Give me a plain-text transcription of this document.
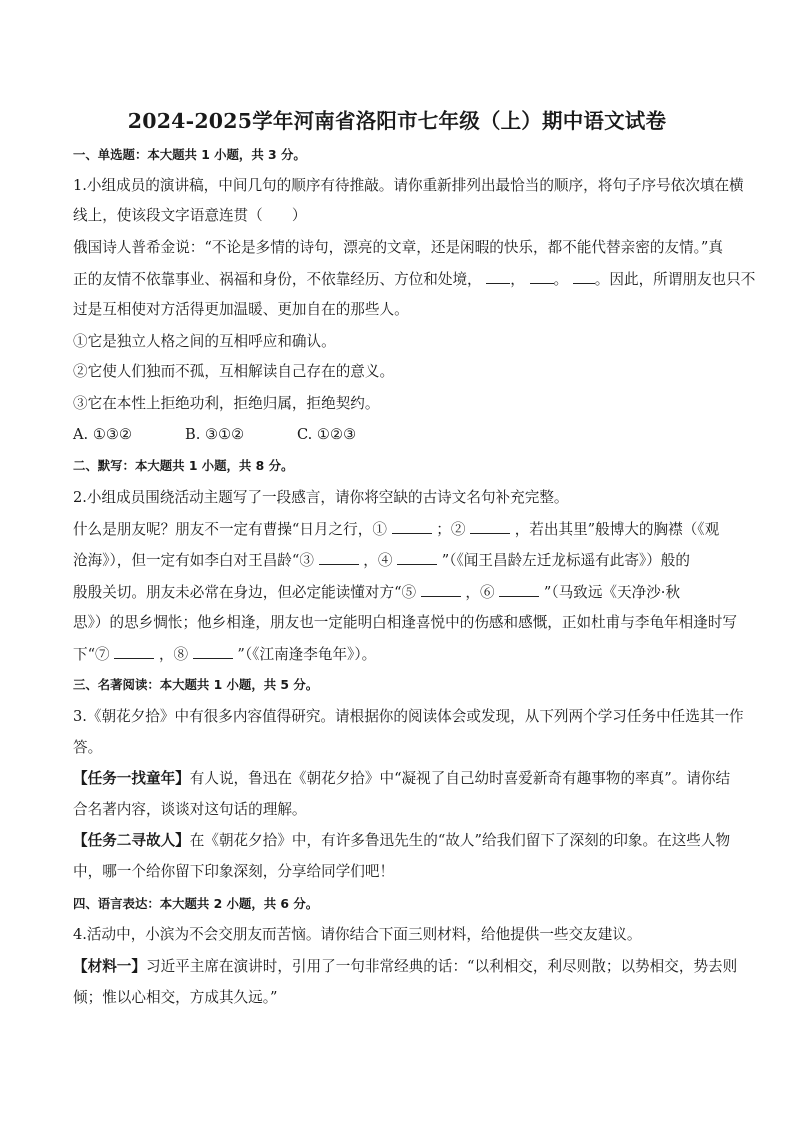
2024-2025学年河南省洛阳市七年级（上）期中语文试卷
一、单选题：本大题共 1 小题，共 3 分。
1.小组成员的演讲稿，中间几句的顺序有待推敲。请你重新排列出最恰当的顺序，将句子序号依次填在横
线上，使该段文字语意连贯（　　）
俄国诗人普希金说：“不论是多情的诗句，漂亮的文章，还是闲暇的快乐，都不能代替亲密的友情。”真
正的友情不依靠事业、祸福和身份，不依靠经历、方位和处境， ， 。 。因此，所谓朋友也只不
过是互相使对方活得更加温暖、更加自在的那些人。
①它是独立人格之间的互相呼应和确认。
②它使人们独而不孤，互相解读自己存在的意义。
③它在本性上拒绝功利，拒绝归属，拒绝契约。
A. ①③②	B. ③①②	C. ①②③
二、默写：本大题共 1 小题，共 8 分。
2.小组成员围绕活动主题写了一段感言，请你将空缺的古诗文名句补充完整。
什么是朋友呢？朋友不一定有曹操“日月之行，①	；②	，若出其里”般博大的胸襟（《观
沧海》），但一定有如李白对王昌龄“③	，④	”（《闻王昌龄左迁龙标遥有此寄》）般的
殷殷关切。朋友未必常在身边，但必定能读懂对方“⑤	，⑥	”（马致远《天净沙·秋
思》）的思乡惆怅；他乡相逢，朋友也一定能明白相逢喜悦中的伤感和感慨，正如杜甫与李龟年相逢时写
下“⑦	，⑧	”（《江南逢李龟年》）。
三、名著阅读：本大题共 1 小题，共 5 分。
3.《朝花夕拾》中有很多内容值得研究。请根据你的阅读体会或发现，从下列两个学习任务中任选其一作
答。
【任务一找童年】有人说，鲁迅在《朝花夕拾》中“凝视了自己幼时喜爱新奇有趣事物的率真”。请你结
合名著内容，谈谈对这句话的理解。
【任务二寻故人】在《朝花夕拾》中，有许多鲁迅先生的“故人”给我们留下了深刻的印象。在这些人物
中，哪一个给你留下印象深刻，分享给同学们吧！
四、语言表达：本大题共 2 小题，共 6 分。
4.活动中，小滨为不会交朋友而苦恼。请你结合下面三则材料，给他提供一些交友建议。
【材料一】习近平主席在演讲时，引用了一句非常经典的话：“以利相交，利尽则散；以势相交，势去则
倾；惟以心相交，方成其久远。”
